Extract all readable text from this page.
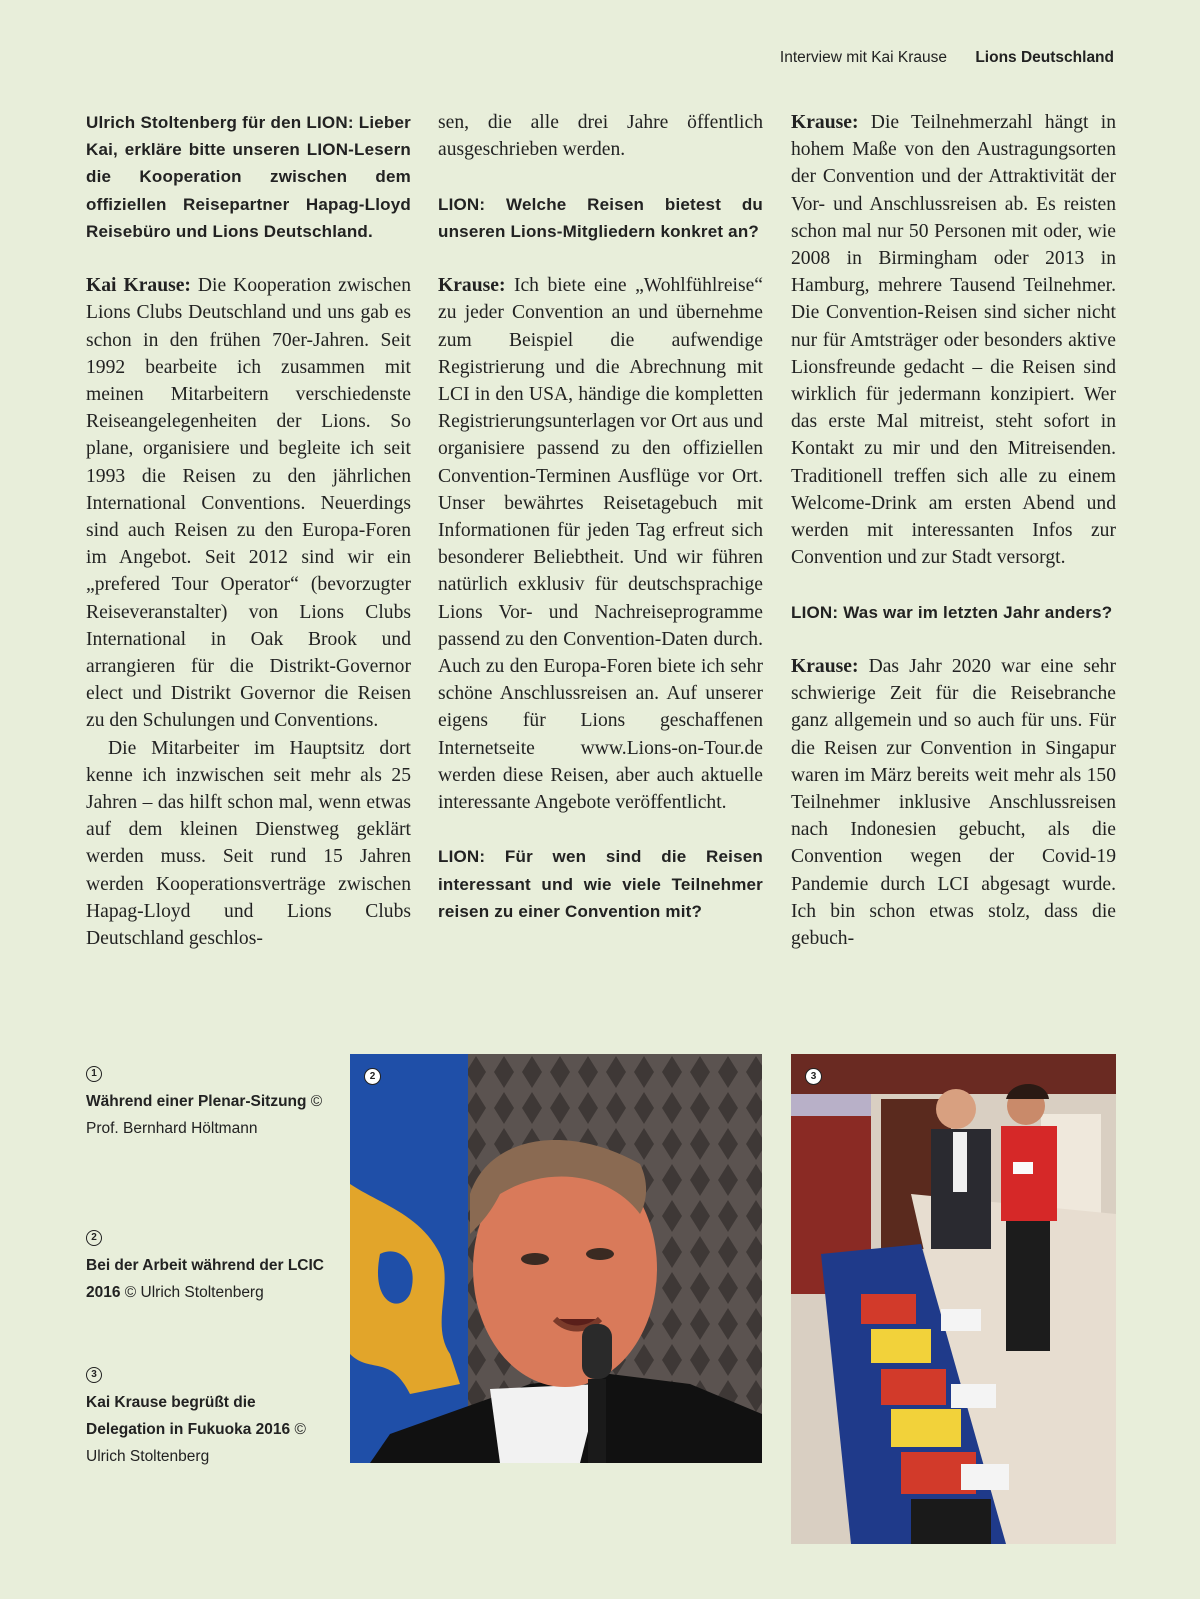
Interview mit Kai Krause Lions Deutschland

Ulrich Stoltenberg für den LION: Lieber Kai, erkläre bitte unseren LION-Lesern die Kooperation zwischen dem offiziellen Reisepartner Hapag-Lloyd Reisebüro und Lions Deutschland.

Kai Krause: Die Kooperation zwischen Lions Clubs Deutschland und uns gab es schon in den frühen 70er-Jahren. Seit 1992 bearbeite ich zusammen mit meinen Mitarbeitern verschiedenste Reiseangelegenheiten der Lions. So plane, organisiere und begleite ich seit 1993 die Reisen zu den jährlichen International Conventions. Neuerdings sind auch Reisen zu den Europa-Foren im Angebot. Seit 2012 sind wir ein „prefered Tour Operator“ (bevorzugter Reiseveranstalter) von Lions Clubs International in Oak Brook und arrangieren für die Distrikt-Governor elect und Distrikt Governor die Reisen zu den Schulungen und Conventions.

Die Mitarbeiter im Hauptsitz dort kenne ich inzwischen seit mehr als 25 Jahren – das hilft schon mal, wenn etwas auf dem kleinen Dienstweg geklärt werden muss. Seit rund 15 Jahren werden Kooperationsverträge zwischen Hapag-Lloyd und Lions Clubs Deutschland geschlos-

sen, die alle drei Jahre öffentlich ausgeschrieben werden.

LION: Welche Reisen bietest du unseren Lions-Mitgliedern konkret an?

Krause: Ich biete eine „Wohlfühlreise“ zu jeder Convention an und übernehme zum Beispiel die aufwendige Registrierung und die Abrechnung mit LCI in den USA, händige die kompletten Registrierungsunterlagen vor Ort aus und organisiere passend zu den offiziellen Convention-Terminen Ausflüge vor Ort. Unser bewährtes Reisetagebuch mit Informationen für jeden Tag erfreut sich besonderer Beliebtheit. Und wir führen natürlich exklusiv für deutschsprachige Lions Vor- und Nachreiseprogramme passend zu den Convention-Daten durch. Auch zu den Europa-Foren biete ich sehr schöne Anschlussreisen an. Auf unserer eigens für Lions geschaffenen Internetseite www.Lions-on-Tour.de werden diese Reisen, aber auch aktuelle interessante Angebote veröffentlicht.

LION: Für wen sind die Reisen interessant und wie viele Teilnehmer reisen zu einer Convention mit?

Krause: Die Teilnehmerzahl hängt in hohem Maße von den Austragungsorten der Convention und der Attraktivität der Vor- und Anschlussreisen ab. Es reisten schon mal nur 50 Personen mit oder, wie 2008 in Birmingham oder 2013 in Hamburg, mehrere Tausend Teilnehmer. Die Convention-Reisen sind sicher nicht nur für Amtsträger oder besonders aktive Lionsfreunde gedacht – die Reisen sind wirklich für jedermann konzipiert. Wer das erste Mal mitreist, steht sofort in Kontakt zu mir und den Mitreisenden. Traditionell treffen sich alle zu einem Welcome-Drink am ersten Abend und werden mit interessanten Infos zur Convention und zur Stadt versorgt.

LION: Was war im letzten Jahr anders?

Krause: Das Jahr 2020 war eine sehr schwierige Zeit für die Reisebranche ganz allgemein und so auch für uns. Für die Reisen zur Convention in Singapur waren im März bereits weit mehr als 150 Teilnehmer inklusive Anschlussreisen nach Indonesien gebucht, als die Convention wegen der Covid-19 Pandemie durch LCI abgesagt wurde. Ich bin schon etwas stolz, dass die gebuch-

1
Während einer Plenar-Sitzung © Prof. Bernhard Höltmann
2
Bei der Arbeit während der LCIC 2016 © Ulrich Stoltenberg
3
Kai Krause begrüßt die Delegation in Fukuoka 2016 © Ulrich Stoltenberg
2	3
